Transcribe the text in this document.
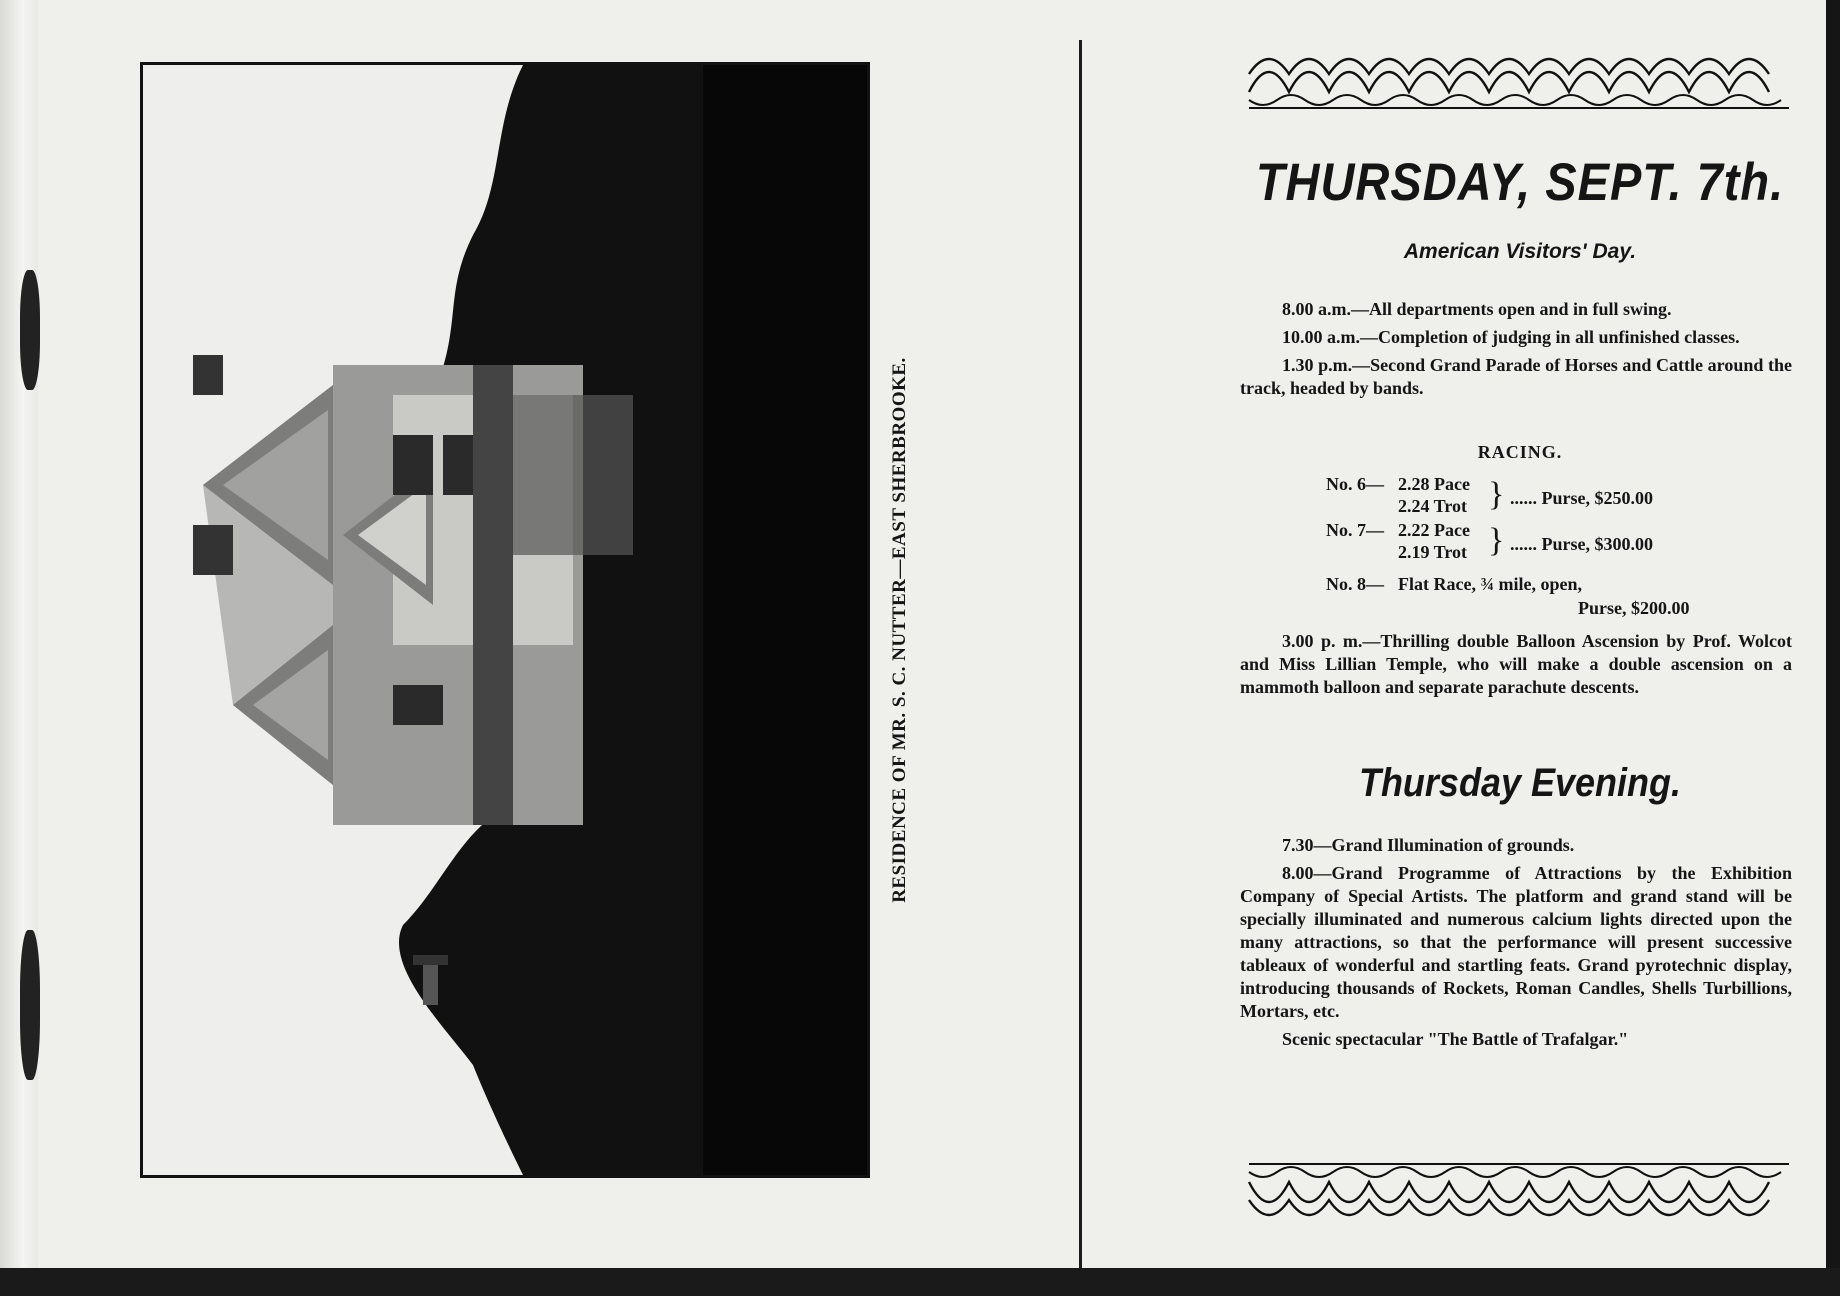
RESIDENCE OF MR. S. C. NUTTER—EAST SHERBROOKE.
THURSDAY, SEPT. 7th.
American Visitors' Day.

8.00 a.m.—All departments open and in full swing.

10.00 a.m.—Completion of judging in all unfinished classes.

1.30 p.m.—Second Grand Parade of Horses and Cattle around the track, headed by bands.

RACING.
No. 6— 2.28 Pace
2.24 Trot } ...... Purse, $250.00
No. 7— 2.22 Pace
2.19 Trot } ...... Purse, $300.00
No. 8— Flat Race, ¾ mile, open,
Purse, $200.00

3.00 p. m.—Thrilling double Balloon Ascension by Prof. Wolcot and Miss Lillian Temple, who will make a double ascension on a mammoth balloon and separate parachute descents.

Thursday Evening.

7.30—Grand Illumination of grounds.

8.00—Grand Programme of Attractions by the Exhibition Company of Special Artists. The platform and grand stand will be specially illuminated and numerous calcium lights directed upon the many attractions, so that the performance will present successive tableaux of wonderful and startling feats. Grand pyrotechnic display, introducing thousands of Rockets, Roman Candles, Shells Turbillions, Mortars, etc.

Scenic spectacular "The Battle of Trafalgar."
